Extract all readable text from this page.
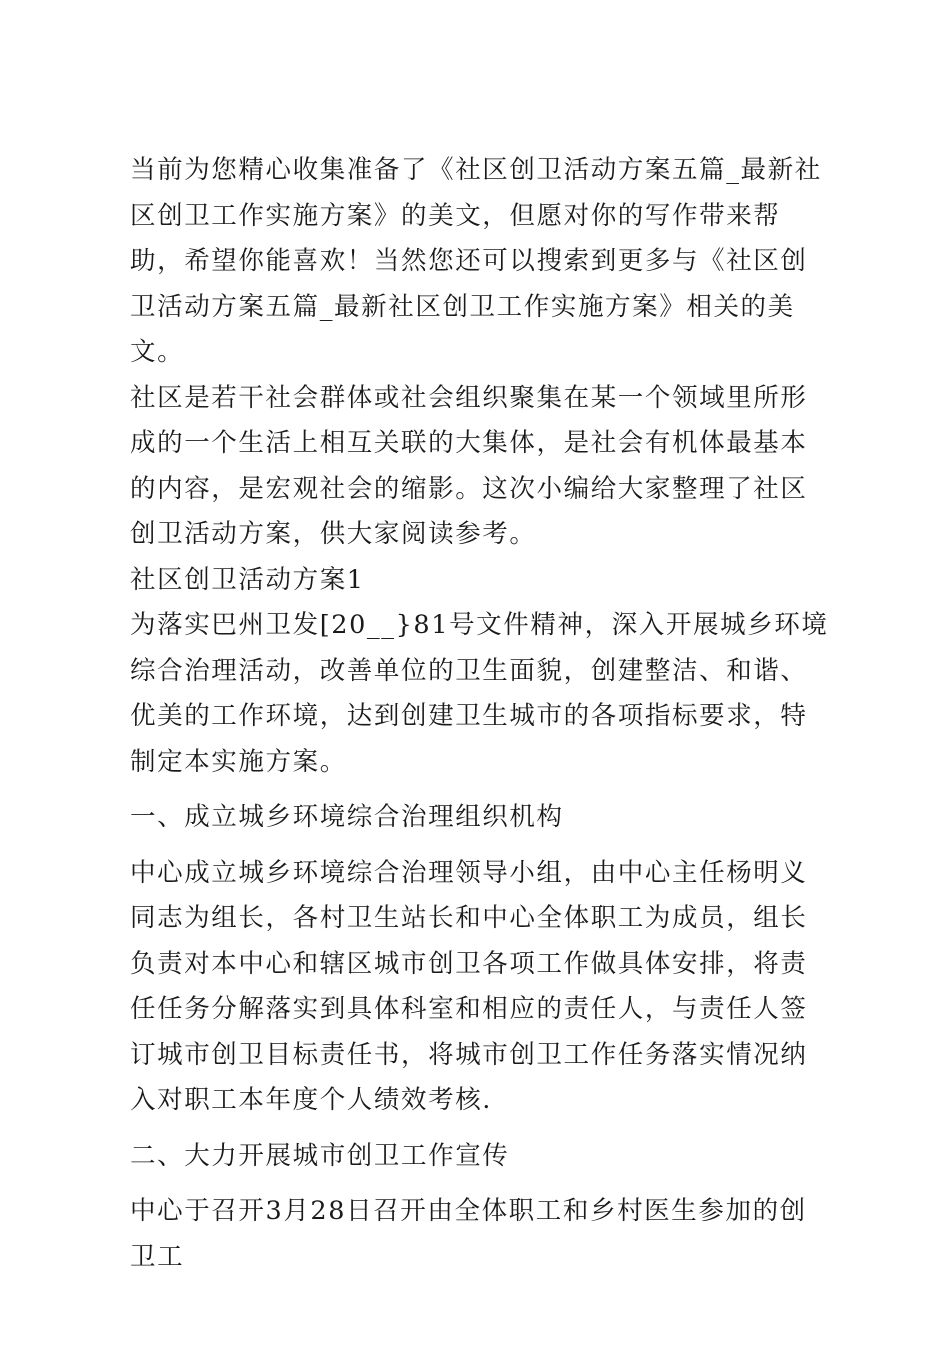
当前为您精心收集准备了《社区创卫活动方案五篇_最新社区创卫工作实施方案》的美文，但愿对你的写作带来帮助，希望你能喜欢！当然您还可以搜索到更多与《社区创卫活动方案五篇_最新社区创卫工作实施方案》相关的美文。

社区是若干社会群体或社会组织聚集在某一个领域里所形成的一个生活上相互关联的大集体，是社会有机体最基本的内容，是宏观社会的缩影。这次小编给大家整理了社区创卫活动方案，供大家阅读参考。

社区创卫活动方案1

为落实巴州卫发[20__}81号文件精神，深入开展城乡环境综合治理活动，改善单位的卫生面貌，创建整洁、和谐、优美的工作环境，达到创建卫生城市的各项指标要求，特制定本实施方案。

一、成立城乡环境综合治理组织机构

中心成立城乡环境综合治理领导小组，由中心主任杨明义同志为组长，各村卫生站长和中心全体职工为成员，组长负责对本中心和辖区城市创卫各项工作做具体安排，将责任任务分解落实到具体科室和相应的责任人，与责任人签订城市创卫目标责任书，将城市创卫工作任务落实情况纳入对职工本年度个人绩效考核.

二、大力开展城市创卫工作宣传

中心于召开3月28日召开由全体职工和乡村医生参加的创卫工
